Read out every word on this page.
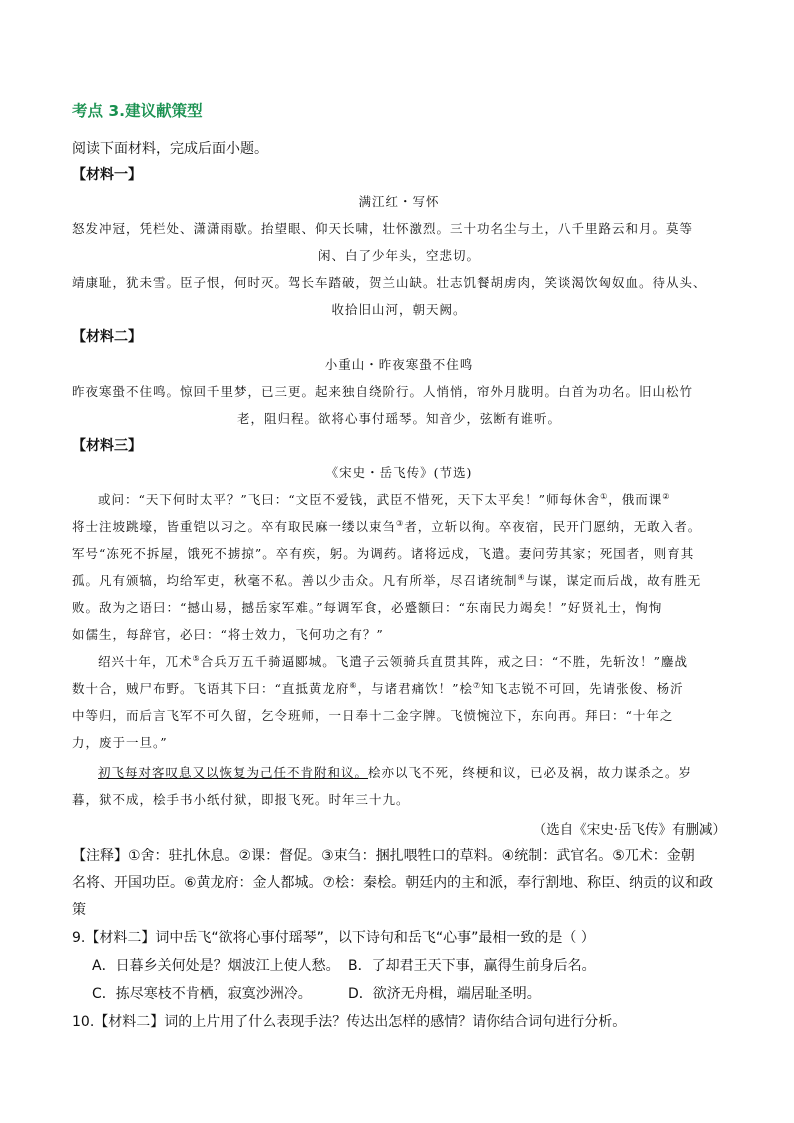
考点 3.建议献策型
阅读下面材料，完成后面小题。
【材料一】
满江红・写怀
怒发冲冠，凭栏处、潇潇雨歇。抬望眼、仰天长啸，壮怀激烈。三十功名尘与土，八千里路云和月。莫等
闲、白了少年头，空悲切。
靖康耻，犹未雪。臣子恨，何时灭。驾长车踏破，贺兰山缺。壮志饥餐胡虏肉，笑谈渴饮匈奴血。待从头、
收拾旧山河，朝天阙。
【材料二】
小重山・昨夜寒蛩不住鸣
昨夜寒蛩不住鸣。惊回千里梦，已三更。起来独自绕阶行。人悄悄，帘外月胧明。白首为功名。旧山松竹
老，阻归程。欲将心事付瑶琴。知音少，弦断有谁听。
【材料三】
《宋史・岳飞传》(节选)
或问：“天下何时太平？”飞曰：“文臣不爱钱，武臣不惜死，天下太平矣！”师每休舍①，俄而课②
将士注坡跳壕，皆重铠以习之。卒有取民麻一缕以束刍③者，立斩以徇。卒夜宿，民开门愿纳，无敢入者。
军号“冻死不拆屋，饿死不掳掠”。卒有疾，躬。为调药。诸将远戍，飞遣。妻问劳其家；死国者，则育其
孤。凡有颁犒，均给军吏，秋毫不私。善以少击众。凡有所举，尽召诸统制④与谋，谋定而后战，故有胜无
败。敌为之语曰：“撼山易，撼岳家军难。”每调军食，必蹙额曰：“东南民力竭矣！”好贤礼士，恂恂
如儒生，每辞官，必曰：“将士效力，飞何功之有？”
绍兴十年，兀术⑤合兵万五千骑逼郾城。飞遣子云领骑兵直贯其阵，戒之曰：“不胜，先斩汝！”鏖战
数十合，贼尸布野。飞语其下曰：“直抵黄龙府⑥，与诸君痛饮！”桧⑦知飞志锐不可回，先请张俊、杨沂
中等归，而后言飞军不可久留，乞令班师，一日奉十二金字牌。飞愤惋泣下，东向再。拜曰：“十年之
力，废于一旦。”
初飞每对客叹息又以恢复为己任不肯附和议。桧亦以飞不死，终梗和议，已必及祸，故力谋杀之。岁
暮，狱不成，桧手书小纸付狱，即报飞死。时年三十九。
（选自《宋史·岳飞传》有删减）
【注释】①舍：驻扎休息。②课：督促。③束刍：捆扎喂牲口的草料。④统制：武官名。⑤兀术：金朝
名将、开国功臣。⑥黄龙府：金人都城。⑦桧：秦桧。朝廷内的主和派，奉行割地、称臣、纳贡的议和政
策
9.【材料二】词中岳飞“欲将心事付瑶琴”，以下诗句和岳飞“心事”最相一致的是（ ）
A．日暮乡关何处是？烟波江上使人愁。 B．了却君王天下事，赢得生前身后名。
C．拣尽寒枝不肯栖，寂寞沙洲冷。	D．欲济无舟楫，端居耻圣明。
10.【材料二】词的上片用了什么表现手法？传达出怎样的感情？请你结合词句进行分析。
